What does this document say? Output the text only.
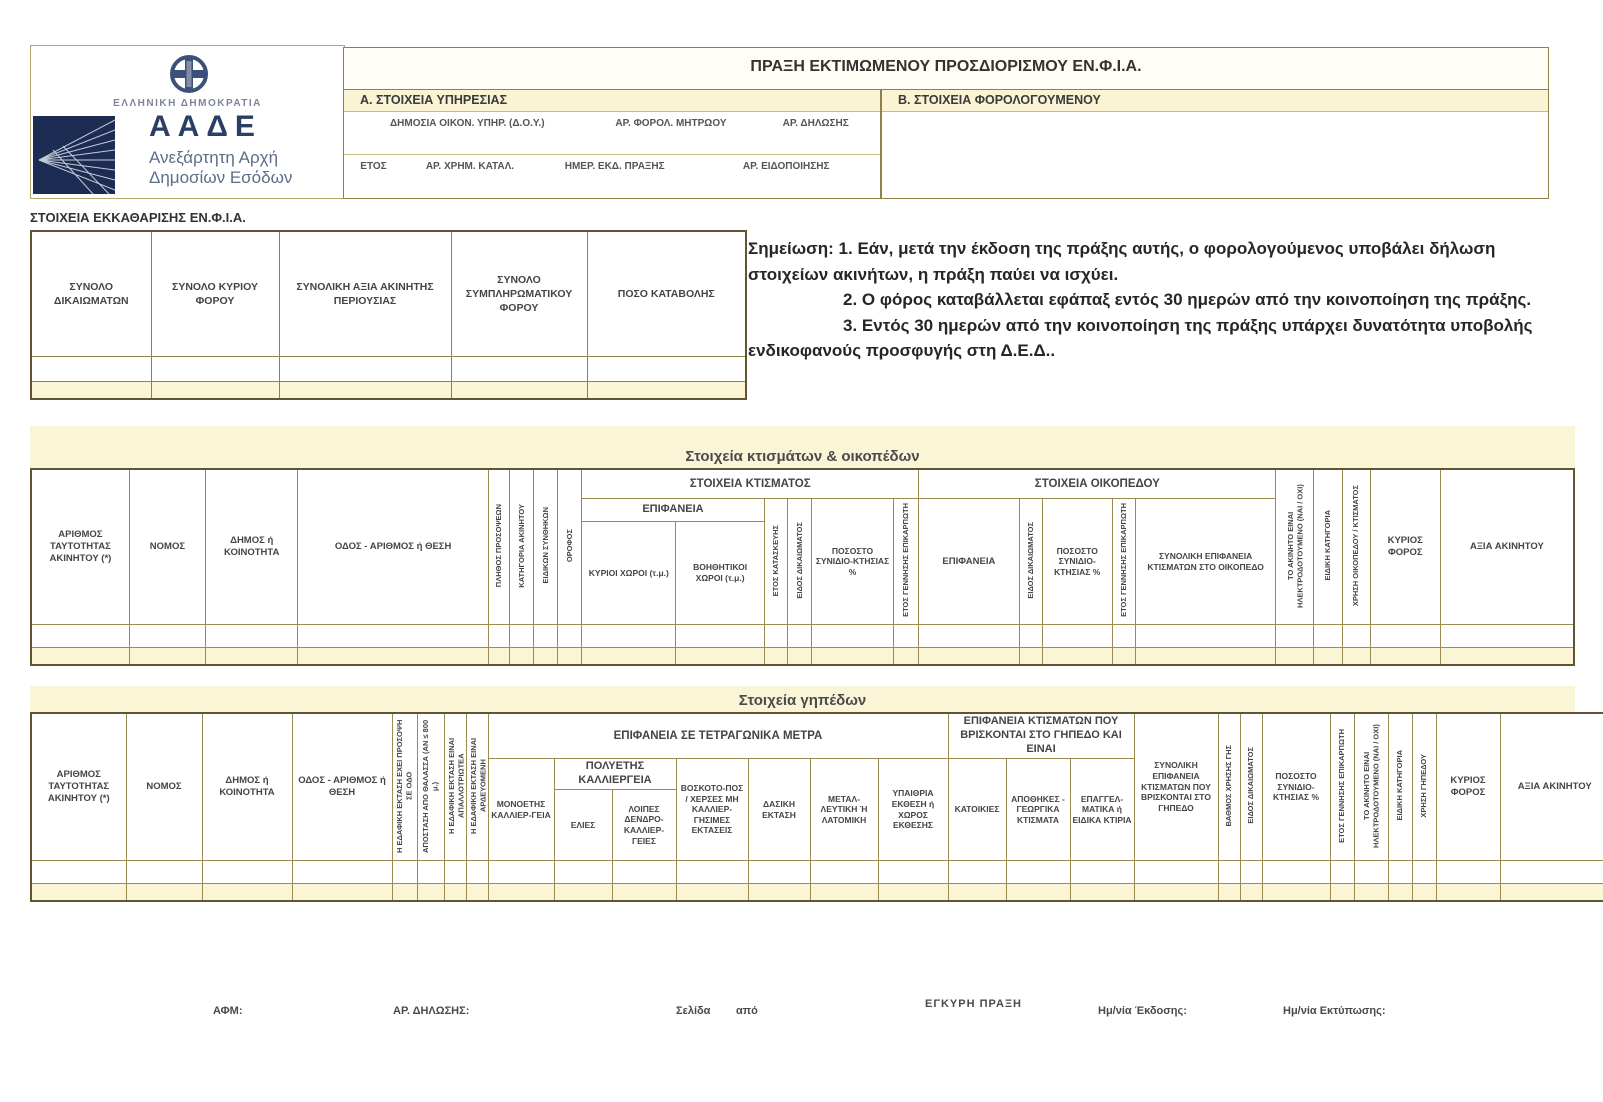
ΕΛΛΗΝΙΚΗ ΔΗΜΟΚΡΑΤΙΑ
ΑΑΔΕ
Ανεξάρτητη Αρχή
Δημοσίων Εσόδων
ΠΡΑΞΗ ΕΚΤΙΜΩΜΕΝΟΥ ΠΡΟΣΔΙΟΡΙΣΜΟΥ ΕΝ.Φ.Ι.Α.
Α. ΣΤΟΙΧΕΙΑ ΥΠΗΡΕΣΙΑΣ
ΔΗΜΟΣΙΑ ΟΙΚΟΝ. ΥΠΗΡ. (Δ.Ο.Υ.)	ΑΡ. ΦΟΡΟΛ. ΜΗΤΡΩΟΥ	ΑΡ. ΔΗΛΩΣΗΣ
ΕΤΟΣ	ΑΡ. ΧΡΗΜ. ΚΑΤΑΛ.	ΗΜΕΡ. ΕΚΔ. ΠΡΑΞΗΣ	ΑΡ. ΕΙΔΟΠΟΙΗΣΗΣ
Β. ΣΤΟΙΧΕΙΑ ΦΟΡΟΛΟΓΟΥΜΕΝΟΥ
ΣΤΟΙΧΕΙΑ ΕΚΚΑΘΑΡΙΣΗΣ ΕΝ.Φ.Ι.Α.
ΣΥΝΟΛΟ ΔΙΚΑΙΩΜΑΤΩΝ	ΣΥΝΟΛΟ ΚΥΡΙΟΥ ΦΟΡΟΥ	ΣΥΝΟΛΙΚΗ ΑΞΙΑ ΑΚΙΝΗΤΗΣ ΠΕΡΙΟΥΣΙΑΣ	ΣΥΝΟΛΟ ΣΥΜΠΛΗΡΩΜΑΤΙΚΟΥ ΦΟΡΟΥ	ΠΟΣΟ ΚΑΤΑΒΟΛΗΣ

Σημείωση: 1. Εάν, μετά την έκδοση της πράξης αυτής, ο φορολογούμενος υποβάλει δήλωση στοιχείων ακινήτων, η πράξη παύει να ισχύει.

2. Ο φόρος καταβάλλεται εφάπαξ εντός 30 ημερών από την κοινοποίηση της πράξης.

3. Εντός 30 ημερών από την κοινοποίηση της πράξης υπάρχει δυνατότητα υποβολής ενδικοφανούς προσφυγής στη Δ.Ε.Δ..

Στοιχεία κτισμάτων & οικοπέδων
ΑΡΙΘΜΟΣ ΤΑΥΤΟΤΗΤΑΣ ΑΚΙΝΗΤΟΥ (*)	ΝΟΜΟΣ	ΔΗΜΟΣ ή ΚΟΙΝΟΤΗΤΑ	ΟΔΟΣ - ΑΡΙΘΜΟΣ ή ΘΕΣΗ	ΠΛΗΘΟΣ ΠΡΟΣΟΨΕΩΝ	ΚΑΤΗΓΟΡΙΑ ΑΚΙΝΗΤΟΥ	ΕΙΔΙΚΩΝ ΣΥΝΘΗΚΩΝ	ΟΡΟΦΟΣ	ΣΤΟΙΧΕΙΑ ΚΤΙΣΜΑΤΟΣ						ΣΤΟΙΧΕΙΑ ΟΙΚΟΠΕΔΟΥ					ΤΟ ΑΚΙΝΗΤΟ ΕΙΝΑΙ ΗΛΕΚΤΡΟΔΟΤΟΥΜΕΝΟ (ΝΑΙ / ΟΧΙ)	ΕΙΔΙΚΗ ΚΑΤΗΓΟΡΙΑ	ΧΡΗΣΗ ΟΙΚΟΠΕΔΟΥ / ΚΤΙΣΜΑΤΟΣ	ΚΥΡΙΟΣ ΦΟΡΟΣ	ΑΞΙΑ ΑΚΙΝΗΤΟΥ
								ΕΠΙΦΑΝΕΙΑ		ΕΤΟΣ ΚΑΤΑΣΚΕΥΗΣ	ΕΙΔΟΣ ΔΙΚΑΙΩΜΑΤΟΣ	ΠΟΣΟΣΤΟ ΣΥΝΙΔΙΟ-ΚΤΗΣΙΑΣ %	ΕΤΟΣ ΓΕΝΝΗΣΗΣ ΕΠΙΚΑΡΠΩΤΗ	ΕΠΙΦΑΝΕΙΑ	ΕΙΔΟΣ ΔΙΚΑΙΩΜΑΤΟΣ	ΠΟΣΟΣΤΟ ΣΥΝΙΔΙΟ-ΚΤΗΣΙΑΣ %	ΕΤΟΣ ΓΕΝΝΗΣΗΣ ΕΠΙΚΑΡΠΩΤΗ	ΣΥΝΟΛΙΚΗ ΕΠΙΦΑΝΕΙΑ ΚΤΙΣΜΑΤΩΝ ΣΤΟ ΟΙΚΟΠΕΔΟ					
								ΚΥΡΙΟΙ ΧΩΡΟΙ (τ.μ.)	ΒΟΗΘΗΤΙΚΟΙ ΧΩΡΟΙ (τ.μ.)														

Στοιχεία γηπέδων
ΑΡΙΘΜΟΣ ΤΑΥΤΟΤΗΤΑΣ ΑΚΙΝΗΤΟΥ (*)	ΝΟΜΟΣ	ΔΗΜΟΣ ή ΚΟΙΝΟΤΗΤΑ	ΟΔΟΣ - ΑΡΙΘΜΟΣ ή ΘΕΣΗ	Η ΕΔΑΦΙΚΗ ΕΚΤΑΣΗ ΕΧΕΙ ΠΡΟΣΟΨΗ ΣΕ ΟΔΟ	ΑΠΟΣΤΑΣΗ ΑΠΟ ΘΑΛΑΣΣΑ (ΑΝ ≤ 800 μ.)	Η ΕΔΑΦΙΚΗ ΕΚΤΑΣΗ ΕΙΝΑΙ ΑΠΑΛΛΟΤΡΙΩΤΕΑ	Η ΕΔΑΦΙΚΗ ΕΚΤΑΣΗ ΕΙΝΑΙ ΑΡΔΕΥΟΜΕΝΗ	ΕΠΙΦΑΝΕΙΑ ΣΕ ΤΕΤΡΑΓΩΝΙΚΑ ΜΕΤΡΑ							ΕΠΙΦΑΝΕΙΑ ΚΤΙΣΜΑΤΩΝ ΠΟΥ ΒΡΙΣΚΟΝΤΑΙ ΣΤΟ ΓΗΠΕΔΟ ΚΑΙ ΕΙΝΑΙ			ΣΥΝΟΛΙΚΗ ΕΠΙΦΑΝΕΙΑ ΚΤΙΣΜΑΤΩΝ ΠΟΥ ΒΡΙΣΚΟΝΤΑΙ ΣΤΟ ΓΗΠΕΔΟ	ΒΑΘΜΟΣ ΧΡΗΣΗΣ ΓΗΣ	ΕΙΔΟΣ ΔΙΚΑΙΩΜΑΤΟΣ	ΠΟΣΟΣΤΟ ΣΥΝΙΔΙΟ-ΚΤΗΣΙΑΣ %	ΕΤΟΣ ΓΕΝΝΗΣΗΣ ΕΠΙΚΑΡΠΩΤΗ	ΤΟ ΑΚΙΝΗΤΟ ΕΙΝΑΙ ΗΛΕΚΤΡΟΔΟΤΟΥΜΕΝΟ (ΝΑΙ / ΟΧΙ)	ΕΙΔΙΚΗ ΚΑΤΗΓΟΡΙΑ	ΧΡΗΣΗ ΓΗΠΕΔΟΥ	ΚΥΡΙΟΣ ΦΟΡΟΣ	ΑΞΙΑ ΑΚΙΝΗΤΟΥ
								ΜΟΝΟΕΤΗΣ ΚΑΛΛΙΕΡ-ΓΕΙΑ	ΠΟΛΥΕΤΗΣ ΚΑΛΛΙΕΡΓΕΙΑ		ΒΟΣΚΟΤΟ-ΠΟΣ / ΧΕΡΣΕΣ ΜΗ ΚΑΛΛΙΕΡ-ΓΗΣΙΜΕΣ ΕΚΤΑΣΕΙΣ	ΔΑΣΙΚΗ ΕΚΤΑΣΗ	ΜΕΤΑΛ-ΛΕΥΤΙΚΗ Ή ΛΑΤΟΜΙΚΗ	ΥΠΑΙΘΡΙΑ ΕΚΘΕΣΗ ή ΧΩΡΟΣ ΕΚΘΕΣΗΣ	ΚΑΤΟΙΚΙΕΣ	ΑΠΟΘΗΚΕΣ - ΓΕΩΡΓΙΚΑ ΚΤΙΣΜΑΤΑ	ΕΠΑΓΓΕΛ-ΜΑΤΙΚΑ ή ΕΙΔΙΚΑ ΚΤΙΡΙΑ										
									ΕΛΙΕΣ	ΛΟΙΠΕΣ ΔΕΝΔΡΟ-ΚΑΛΛΙΕΡ-ΓΕΙΕΣ																	

ΑΦΜ:	ΑΡ. ΔΗΛΩΣΗΣ:	Σελίδα από
ΕΓΚΥΡΗ ΠΡΑΞΗ
Ημ/νία Έκδοσης:	Ημ/νία Εκτύπωσης:
